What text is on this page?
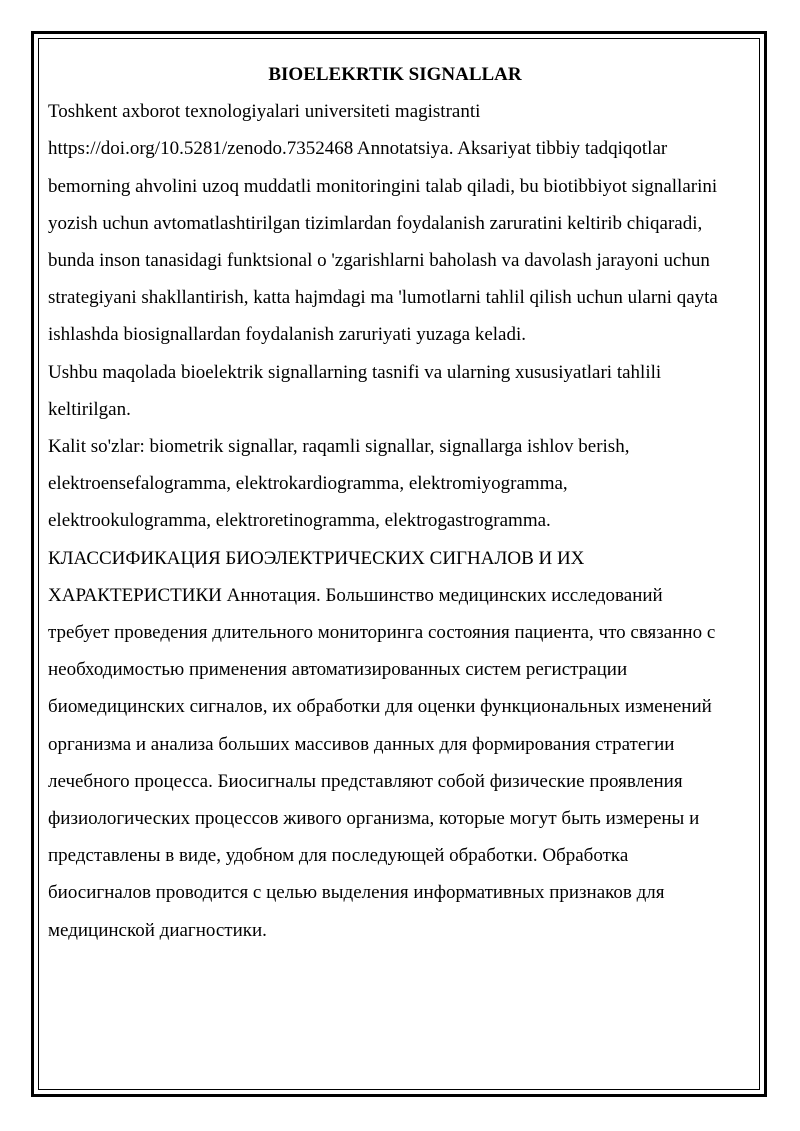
BIOELEKRTIK SIGNALLAR

Toshkent axborot texnologiyalari universiteti magistranti https://doi.org/10.5281/zenodo.7352468 Annotatsiya. Aksariyat tibbiy tadqiqotlar bemorning ahvolini uzoq muddatli monitoringini talab qiladi, bu biotibbiyot signallarini yozish uchun avtomatlashtirilgan tizimlardan foydalanish zaruratini keltirib chiqaradi, bunda inson tanasidagi funktsional o 'zgarishlarni baholash va davolash jarayoni uchun strategiyani shakllantirish, katta hajmdagi ma 'lumotlarni tahlil qilish uchun ularni qayta ishlashda biosignallardan foydalanish zaruriyati yuzaga keladi.

Ushbu maqolada bioelektrik signallarning tasnifi va ularning xususiyatlari tahlili keltirilgan.

Kalit so'zlar: biometrik signallar, raqamli signallar, signallarga ishlov berish, elektroensefalogramma, elektrokardiogramma, elektromiyogramma, elektrookulogramma, elektroretinogramma, elektrogastrogramma.

КЛАССИФИКАЦИЯ БИОЭЛЕКТРИЧЕСКИХ СИГНАЛОВ И ИХ ХАРАКТЕРИСТИКИ Аннотация. Большинство медицинских исследований требует проведения длительного мониторинга состояния пациента, что связанно с необходимостью применения автоматизированных систем регистрации биомедицинских сигналов, их обработки для оценки функциональных изменений организма и анализа больших массивов данных для формирования стратегии лечебного процесса. Биосигналы представляют собой физические проявления физиологических процессов живого организма, которые могут быть измерены и представлены в виде, удобном для последующей обработки. Обработка биосигналов проводится с целью выделения информативных признаков для медицинской диагностики.
